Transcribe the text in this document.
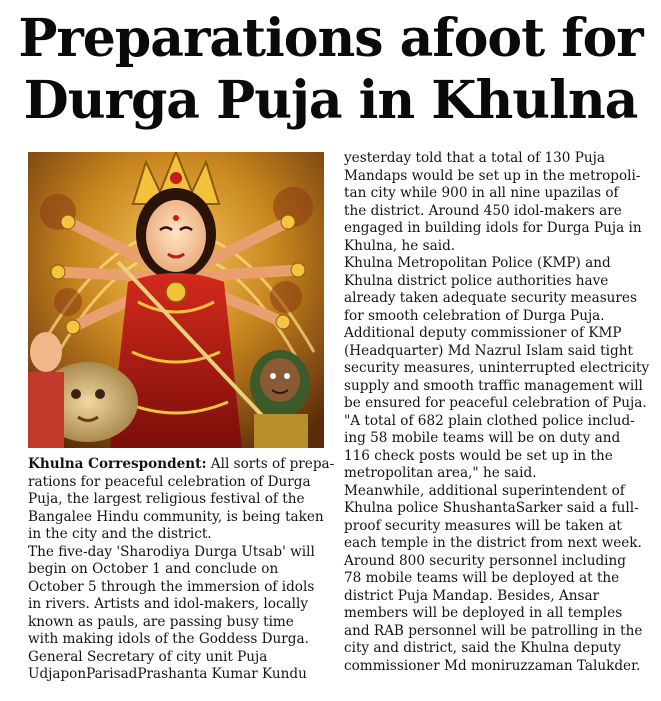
Preparations afoot for
Durga Puja in Khulna

Khulna Correspondent: All sorts of prepa-

rations for peaceful celebration of Durga

Puja, the largest religious festival of the

Bangalee Hindu community, is being taken

in the city and the district.

The five-day 'Sharodiya Durga Utsab' will

begin on October 1 and conclude on

October 5 through the immersion of idols

in rivers. Artists and idol-makers, locally

known as pauls, are passing busy time

with making idols of the Goddess Durga.

General Secretary of city unit Puja

UdjaponParisadPrashanta Kumar Kundu

yesterday told that a total of 130 Puja

Mandaps would be set up in the metropoli-

tan city while 900 in all nine upazilas of

the district. Around 450 idol-makers are

engaged in building idols for Durga Puja in

Khulna, he said.

Khulna Metropolitan Police (KMP) and

Khulna district police authorities have

already taken adequate security measures

for smooth celebration of Durga Puja.

Additional deputy commissioner of KMP

(Headquarter) Md Nazrul Islam said tight

security measures, uninterrupted electricity

supply and smooth traffic management will

be ensured for peaceful celebration of Puja.

"A total of 682 plain clothed police includ-

ing 58 mobile teams will be on duty and

116 check posts would be set up in the

metropolitan area," he said.

Meanwhile, additional superintendent of

Khulna police ShushantaSarker said a full-

proof security measures will be taken at

each temple in the district from next week.

Around 800 security personnel including

78 mobile teams will be deployed at the

district Puja Mandap. Besides, Ansar

members will be deployed in all temples

and RAB personnel will be patrolling in the

city and district, said the Khulna deputy

commissioner Md moniruzzaman Talukder.
